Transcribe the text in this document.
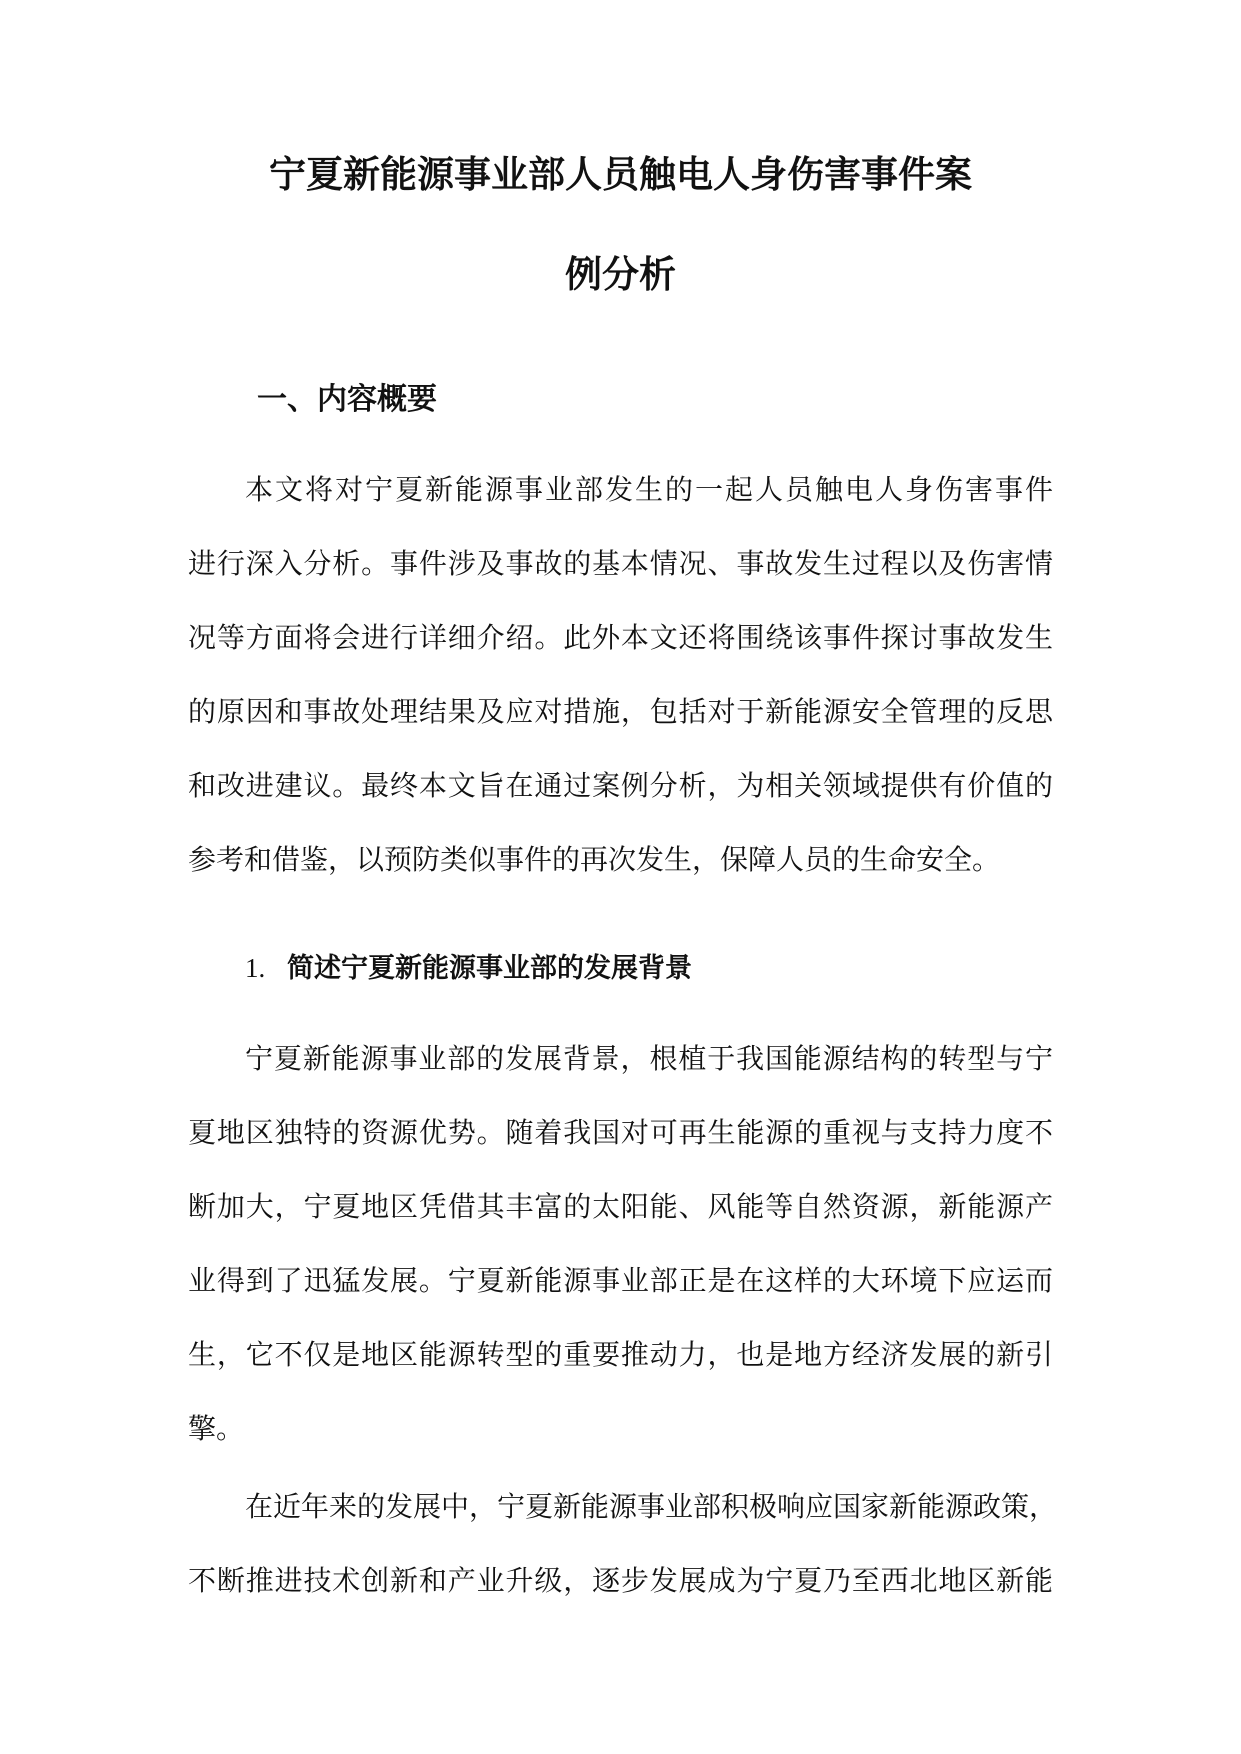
宁夏新能源事业部人员触电人身伤害事件案
例分析
一、内容概要
本文将对宁夏新能源事业部发生的一起人员触电人身伤害事件
进行深入分析。事件涉及事故的基本情况、事故发生过程以及伤害情
况等方面将会进行详细介绍。此外本文还将围绕该事件探讨事故发生
的原因和事故处理结果及应对措施，包括对于新能源安全管理的反思
和改进建议。最终本文旨在通过案例分析，为相关领域提供有价值的
参考和借鉴，以预防类似事件的再次发生，保障人员的生命安全。
1. 简述宁夏新能源事业部的发展背景
宁夏新能源事业部的发展背景，根植于我国能源结构的转型与宁
夏地区独特的资源优势。随着我国对可再生能源的重视与支持力度不
断加大，宁夏地区凭借其丰富的太阳能、风能等自然资源，新能源产
业得到了迅猛发展。宁夏新能源事业部正是在这样的大环境下应运而
生，它不仅是地区能源转型的重要推动力，也是地方经济发展的新引
擎。
在近年来的发展中，宁夏新能源事业部积极响应国家新能源政策，
不断推进技术创新和产业升级，逐步发展成为宁夏乃至西北地区新能
